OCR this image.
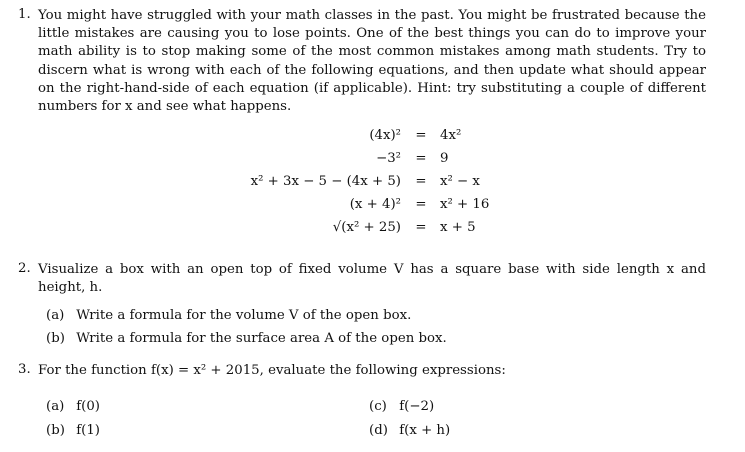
1. You might have struggled with your math classes in the past. You might be frustrated because the little mistakes are causing you to lose points. One of the best things you can do to improve your math ability is to stop making some of the most common mistakes among math students. Try to discern what is wrong with each of the following equations, and then update what should appear on the right-hand-side of each equation (if applicable). Hint: try substituting a couple of different numbers for x and see what happens.
(4x)² = 4x²
−3² = 9
x² + 3x − 5 − (4x + 5) = x² − x
(x + 4)² = x² + 16
√(x² + 25) = x + 5
2. Visualize a box with an open top of fixed volume V has a square base with side length x and height, h.
(a) Write a formula for the volume V of the open box.
(b) Write a formula for the surface area A of the open box.
3. For the function f(x) = x² + 2015, evaluate the following expressions:
(a) f(0)
(b) f(1)
(c) f(−2)
(d) f(x + h)
